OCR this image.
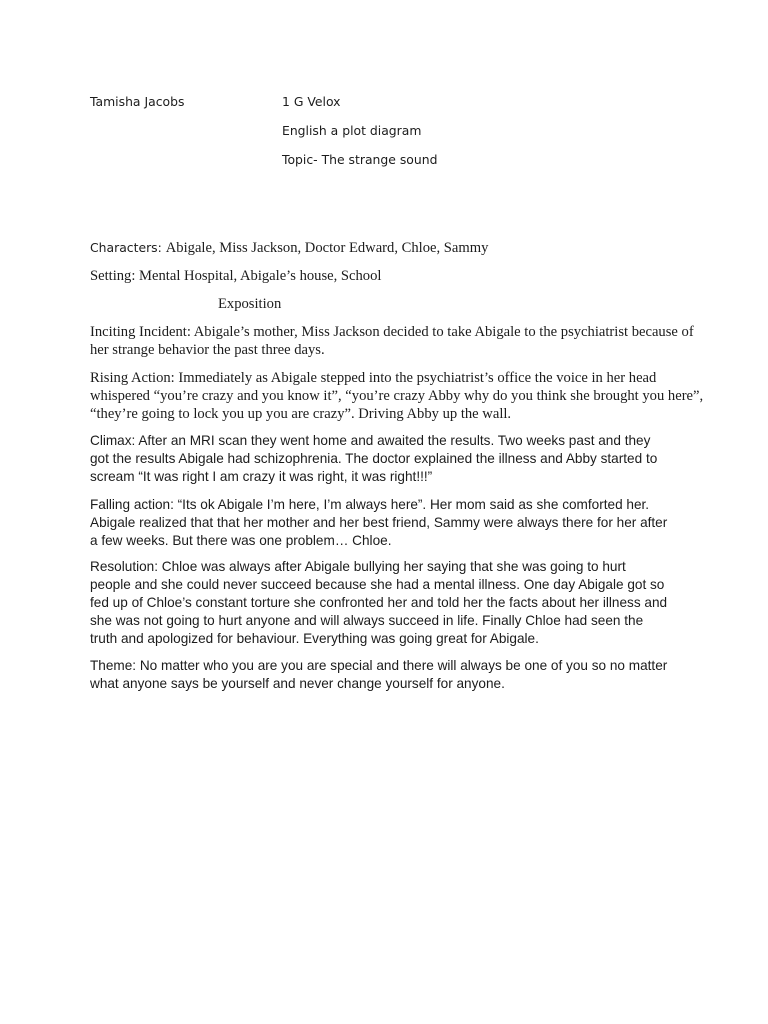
Tamisha Jacobs	1 G Velox
English a plot diagram
Topic- The strange sound
Characters: Abigale, Miss Jackson, Doctor Edward, Chloe, Sammy
Setting: Mental Hospital, Abigale’s house, School
Exposition
Inciting Incident: Abigale’s mother, Miss Jackson decided to take Abigale to the psychiatrist because of
her strange behavior the past three days.
Rising Action: Immediately as Abigale stepped into the psychiatrist’s office the voice in her head
whispered “you’re crazy and you know it”, “you’re crazy Abby why do you think she brought you here”,
“they’re going to lock you up you are crazy”. Driving Abby up the wall.
Climax: After an MRI scan they went home and awaited the results. Two weeks past and they
got the results Abigale had schizophrenia. The doctor explained the illness and Abby started to
scream “It was right I am crazy it was right, it was right!!!”
Falling action: “Its ok Abigale I’m here, I’m always here”. Her mom said as she comforted her.
Abigale realized that that her mother and her best friend, Sammy were always there for her after
a few weeks. But there was one problem… Chloe.
Resolution: Chloe was always after Abigale bullying her saying that she was going to hurt
people and she could never succeed because she had a mental illness. One day Abigale got so
fed up of Chloe’s constant torture she confronted her and told her the facts about her illness and
she was not going to hurt anyone and will always succeed in life. Finally Chloe had seen the
truth and apologized for behaviour. Everything was going great for Abigale.
Theme: No matter who you are you are special and there will always be one of you so no matter
what anyone says be yourself and never change yourself for anyone.
